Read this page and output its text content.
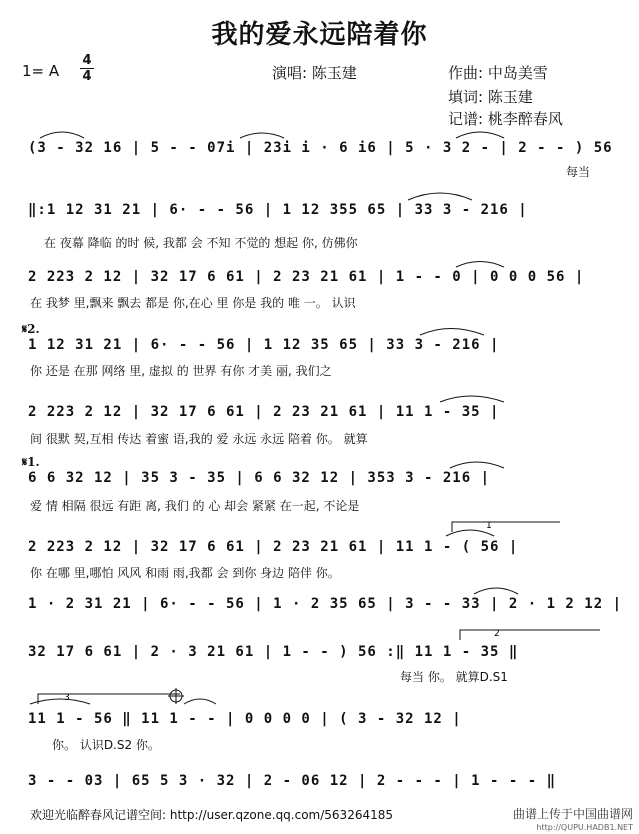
我的爱永远陪着你
1= A
4
4	演唱: 陈玉建	作曲: 中岛美雪
填词: 陈玉建
记谱: 桃李醉春风
(3 - 32 16 | 5 - - 07i | 23i i · 6 i6 | 5 · 3 2 - | 2 - - ) 56
每当
‖:1 12 31 21 | 6· - - 56 | 1 12 355 65 | 33 3 - 216 |
在 夜幕 降临 的时 候, 我都 会 不知 不觉的 想起 你, 仿佛你
2 223 2 12 | 32 17 6 61 | 2 23 21 61 | 1 - - 0 | 0 0 0 56 |
在 我梦 里,飘来 飘去 都是 你,在心 里 你是 我的 唯 一。 认识
𝄋2.
1 12 31 21 | 6· - - 56 | 1 12 35 65 | 33 3 - 216 |
你 还是 在那 网络 里, 虚拟 的 世界 有你 才美 丽, 我们之
2 223 2 12 | 32 17 6 61 | 2 23 21 61 | 11 1 - 35 |
间 很默 契,互相 传达 着蜜 语,我的 爱 永远 永远 陪着 你。 就算
𝄋1.
6 6 32 12 | 35 3 - 35 | 6 6 32 12 | 353 3 - 216 |
爱 情 相隔 很远 有距 离, 我们 的 心 却会 紧紧 在一起, 不论是
2 223 2 12 | 32 17 6 61 | 2 23 21 61 | 11 1 - ( 56 |
你 在哪 里,哪怕 风风 和雨 雨,我都 会 到你 身边 陪伴 你。
1 · 2 31 21 | 6· - - 56 | 1 · 2 35 65 | 3 - - 33 | 2 · 1 2 12 |
32 17 6 61 | 2 · 3 21 61 | 1 - - ) 56 :‖ 11 1 - 35 ‖
每当 你。 就算D.S1
11 1 - 56 ‖ 11 1 - - | 0 0 0 0 | ( 3 - 32 12 |
你。 认识D.S2 你。
3 - - 03 | 65 5 3 · 32 | 2 - 06 12 | 2 - - - | 1 - - - ‖
1
2
3
欢迎光临醉春风记谱空间: http://user.qzone.qq.com/563264185	曲谱上传于中国曲谱网
http://QUPU.HADB1.NET
